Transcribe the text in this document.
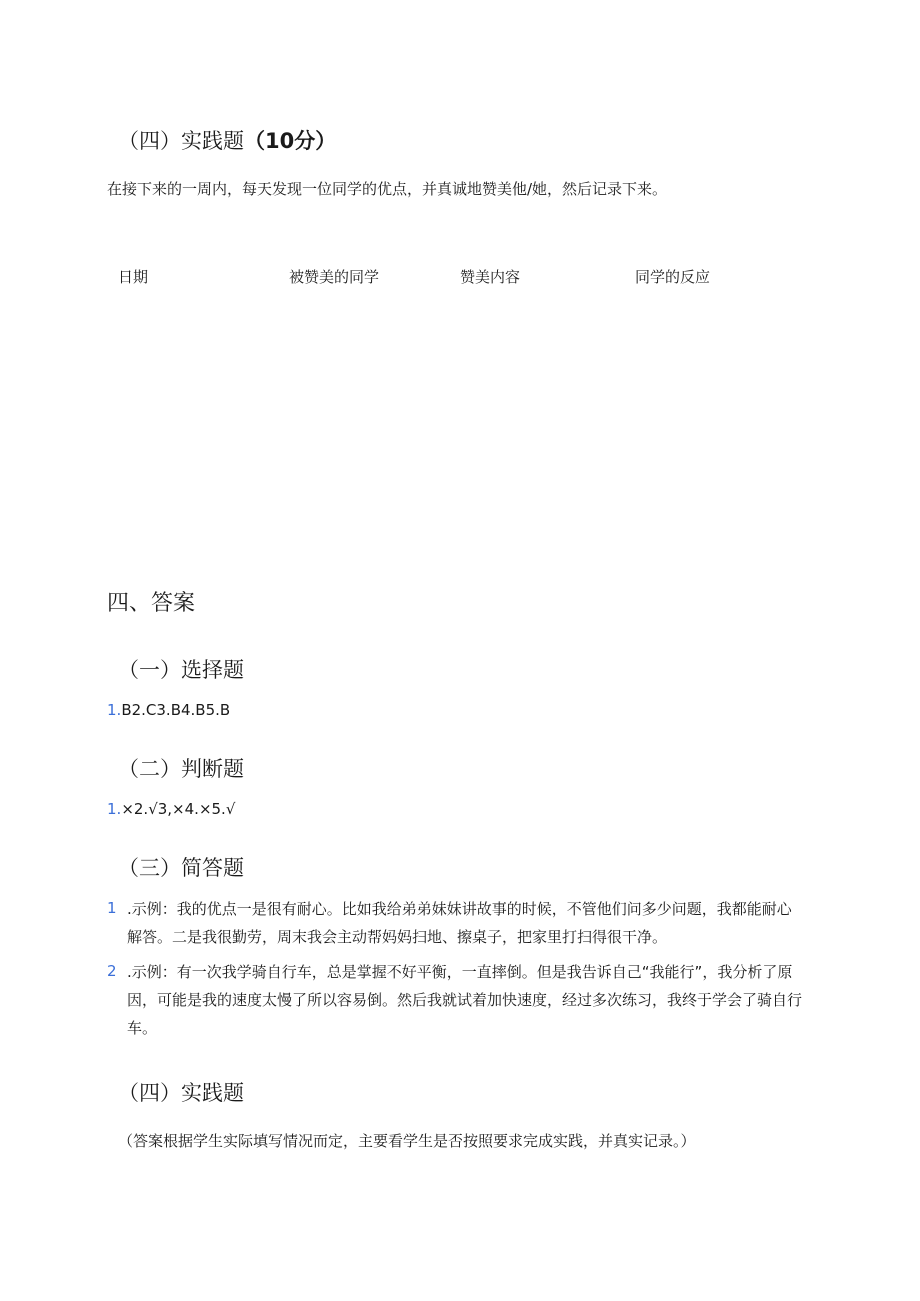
（四）实践题（10分）
在接下来的一周内，每天发现一位同学的优点，并真诚地赞美他/她，然后记录下来。
日期	被赞美的同学	赞美内容	同学的反应
四、答案
（一）选择题
1.B2.C3.B4.B5.B
（二）判断题
1.×2.√3,×4.×5.√
（三）简答题
1 .示例：我的优点一是很有耐心。比如我给弟弟妹妹讲故事的时候，不管他们问多少问题，我都能耐心解答。二是我很勤劳，周末我会主动帮妈妈扫地、擦桌子，把家里打扫得很干净。
2 .示例：有一次我学骑自行车，总是掌握不好平衡，一直摔倒。但是我告诉自己“我能行”，我分析了原因，可能是我的速度太慢了所以容易倒。然后我就试着加快速度，经过多次练习，我终于学会了骑自行车。
（四）实践题
（答案根据学生实际填写情况而定，主要看学生是否按照要求完成实践，并真实记录。）
